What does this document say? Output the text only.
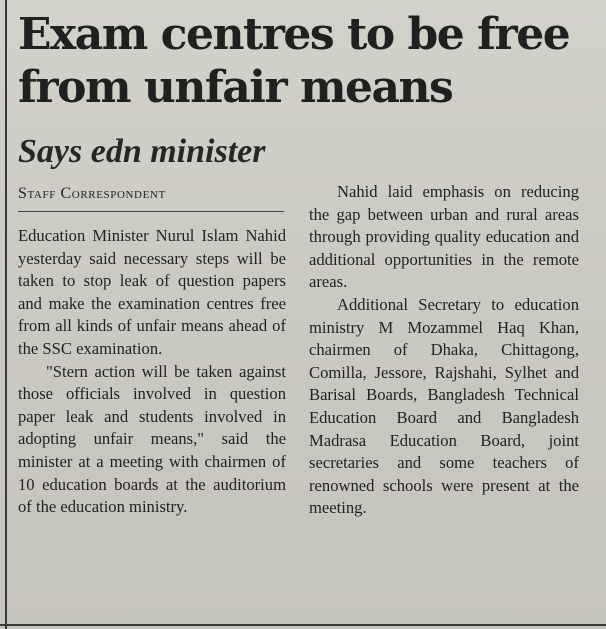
Exam centres to be free
from unfair means
Says edn minister
Staff Correspondent

Education Minister Nurul Islam Nahid yesterday said necessary steps will be taken to stop leak of question papers and make the examination centres free from all kinds of unfair means ahead of the SSC examination.

"Stern action will be taken against those officials involved in question paper leak and students involved in adopting unfair means," said the minister at a meeting with chairmen of 10 education boards at the auditorium of the education ministry.

Nahid laid emphasis on reducing the gap between urban and rural areas through providing quality education and additional opportunities in the remote areas.

Additional Secretary to education ministry M Mozammel Haq Khan, chairmen of Dhaka, Chittagong, Comilla, Jessore, Rajshahi, Sylhet and Barisal Boards, Bangladesh Technical Education Board and Bangladesh Madrasa Education Board, joint secretaries and some teachers of renowned schools were present at the meeting.
